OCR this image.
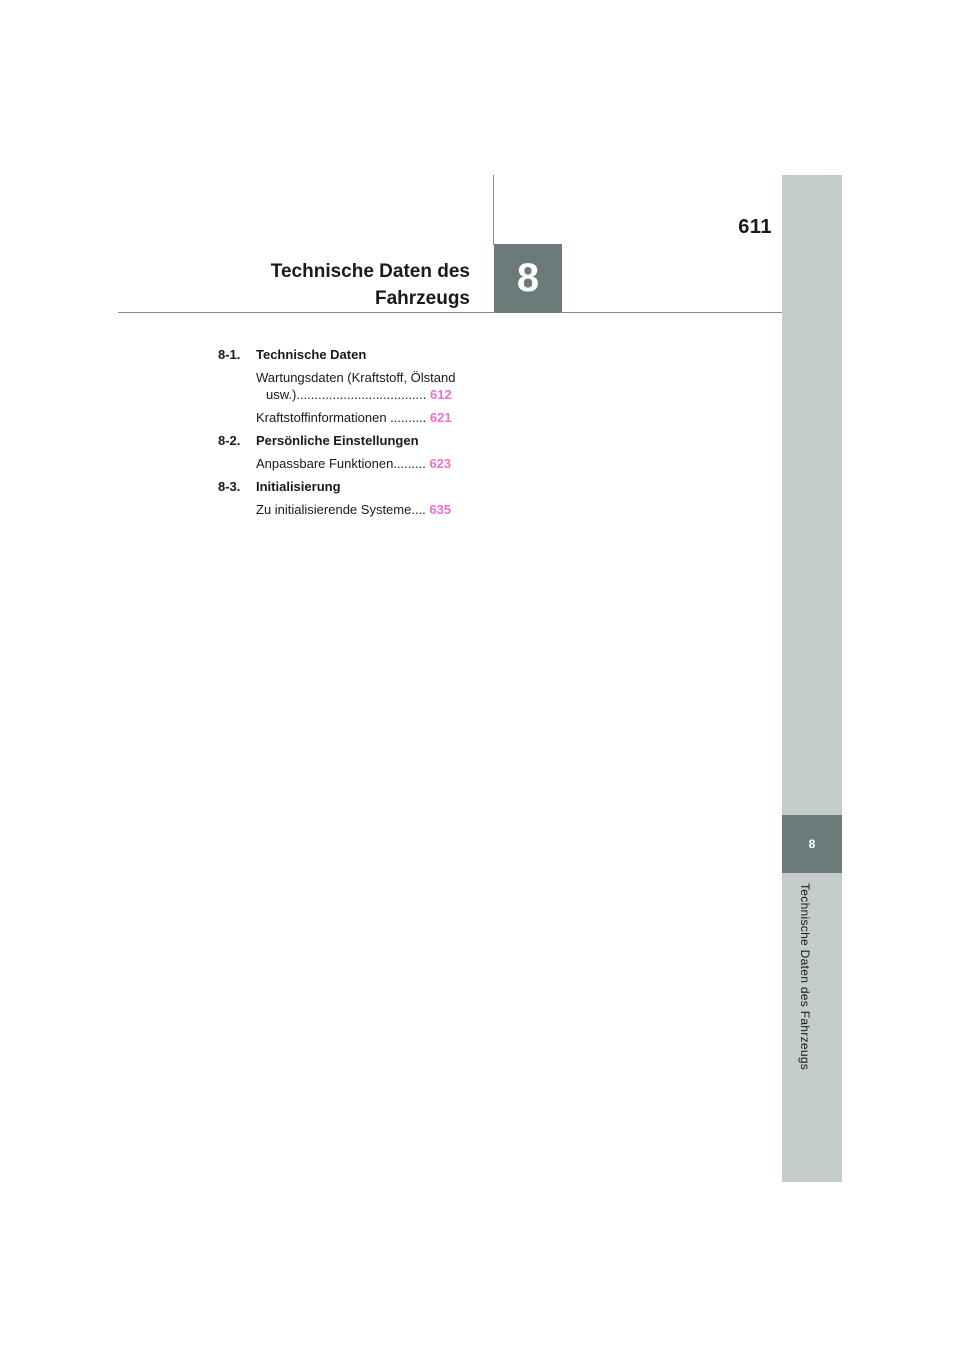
611
Technische Daten des
Fahrzeugs	8
8
Technische Daten des Fahrzeugs
8-1.	Technische Daten
Wartungsdaten (Kraftstoff, Ölstand
usw.).................................... 612
Kraftstoffinformationen .......... 621
8-2.	Persönliche Einstellungen
Anpassbare Funktionen......... 623
8-3.	Initialisierung
Zu initialisierende Systeme.... 635
